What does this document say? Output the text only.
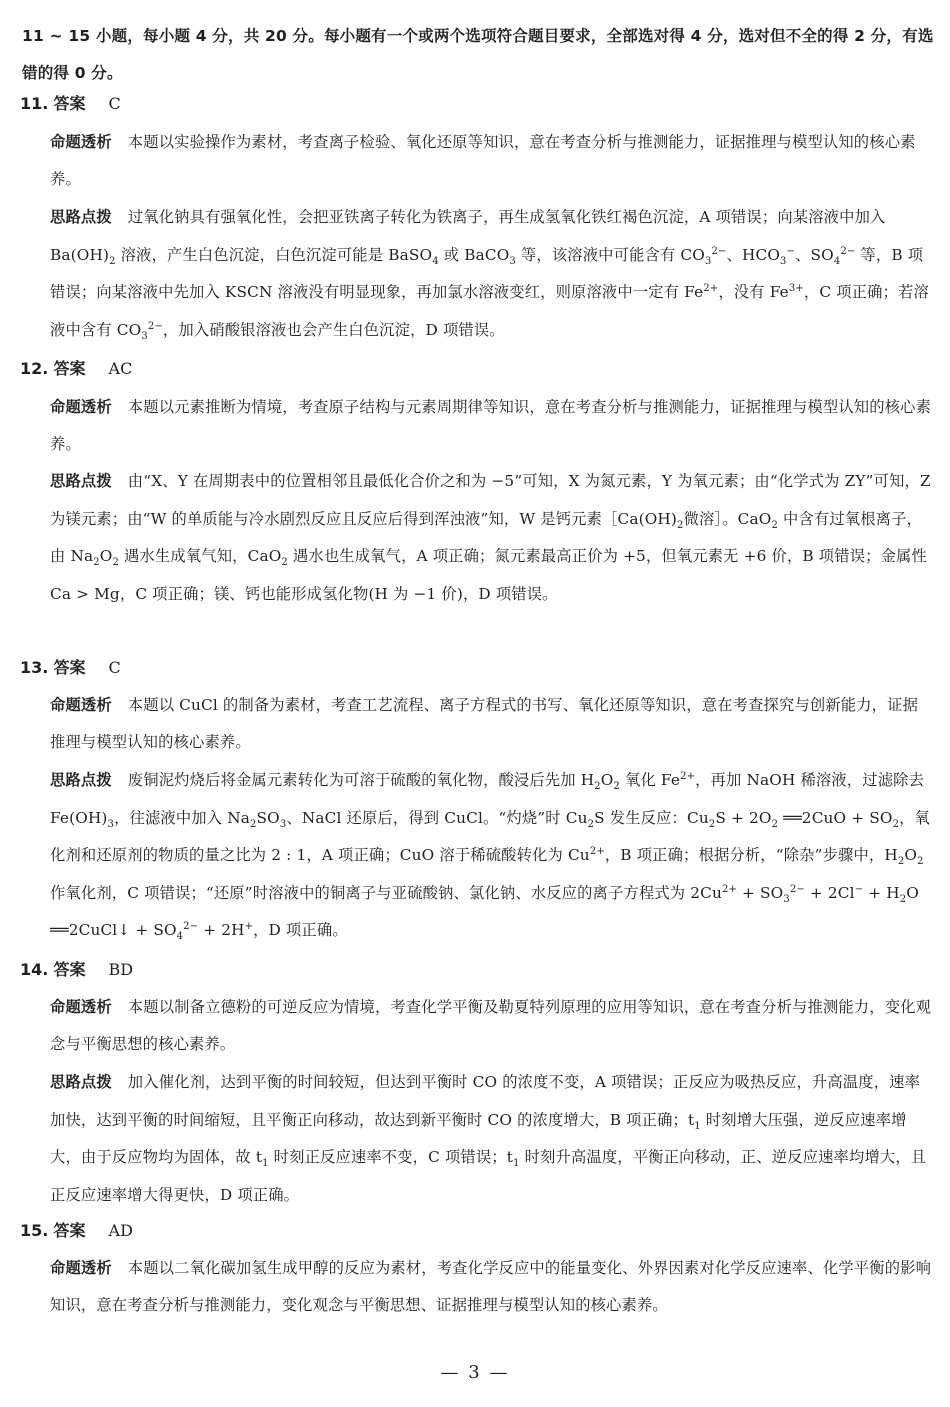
11 ~ 15 小题，每小题 4 分，共 20 分。每小题有一个或两个选项符合题目要求，全部选对得 4 分，选对但不全的得 2 分，有选错的得 0 分。
11. 答案 C
命题透析 本题以实验操作为素材，考查离子检验、氧化还原等知识，意在考查分析与推测能力，证据推理与模型认知的核心素养。
思路点拨 过氧化钠具有强氧化性，会把亚铁离子转化为铁离子，再生成氢氧化铁红褐色沉淀，A 项错误；向某溶液中加入 $Ba(OH)_2$ 溶液，产生白色沉淀，白色沉淀可能是 BaSO$_4$ 或 BaCO$_3$ 等，该溶液中可能含有 $CO_3^{2-}$、$HCO_3^-$、$SO_4^{2-}$ 等，B 项错误；向某溶液中先加入 KSCN 溶液没有明显现象，再加氯水溶液变红，则原溶液中一定有 $Fe^{2+}$，没有 $Fe^{3+}$，C 项正确；若溶液中含有 $CO_3^{2-}$，加入硝酸银溶液也会产生白色沉淀，D 项错误。
12. 答案 AC
命题透析 本题以元素推断为情境，考查原子结构与元素周期律等知识，意在考查分析与推测能力，证据推理与模型认知的核心素养。
思路点拨 由“X、Y 在周期表中的位置相邻且最低化合价之和为 −5”可知，X 为氮元素，Y 为氧元素；由“化学式为 ZY”可知，Z 为镁元素；由“W 的单质能与冷水剧烈反应且反应后得到浑浊液”知，W 是钙元素$[Ca(OH)_2$微溶］。CaO$_2$ 中含有过氧根离子，由 $Na_2O_2$ 遇水生成氧气知，CaO$_2$ 遇水也生成氧气，A 项正确；氮元素最高正价为 +5，但氧元素无 +6 价，B 项错误；金属性 Ca > Mg，C 项正确；镁、钙也能形成氢化物(H 为 −1 价)，D 项错误。
13. 答案 C
命题透析 本题以 CuCl 的制备为素材，考查工艺流程、离子方程式的书写、氧化还原等知识，意在考查探究与创新能力，证据推理与模型认知的核心素养。
思路点拨 废铜泥灼烧后将金属元素转化为可溶于硫酸的氧化物，酸浸后先加 $H_2O_2$ 氧化 $Fe^{2+}$，再加 NaOH 稀溶液，过滤除去 $Fe(OH)_3$，往滤液中加入 $Na_2SO_3$、NaCl 还原后，得到 CuCl。“灼烧”时 $Cu_2S$ 发生反应：$Cu_2S + 2O_2$ ══2CuO + $SO_2$，氧化剂和还原剂的物质的量之比为 2 : 1，A 项正确；CuO 溶于稀硫酸转化为 $Cu^{2+}$，B 项正确；根据分析，“除杂”步骤中，$H_2O_2$ 作氧化剂，C 项错误；“还原”时溶液中的铜离子与亚硫酸钠、氯化钠、水反应的离子方程式为 $2Cu^{2+} + SO_3^{2-} + 2Cl^- + H_2O$ ══2CuCl↓ + $SO_4^{2-} + 2H^+$，D 项正确。
14. 答案 BD
命题透析 本题以制备立德粉的可逆反应为情境，考查化学平衡及勒夏特列原理的应用等知识，意在考查分析与推测能力，变化观念与平衡思想的核心素养。
思路点拨 加入催化剂，达到平衡的时间较短，但达到平衡时 CO 的浓度不变，A 项错误；正反应为吸热反应，升高温度，速率加快，达到平衡的时间缩短，且平衡正向移动，故达到新平衡时 CO 的浓度增大，B 项正确；$t_1$ 时刻增大压强，逆反应速率增大，由于反应物均为固体，故 $t_1$ 时刻正反应速率不变，C 项错误；$t_1$ 时刻升高温度，平衡正向移动，正、逆反应速率均增大，且正反应速率增大得更快，D 项正确。
15. 答案 AD
命题透析 本题以二氧化碳加氢生成甲醇的反应为素材，考查化学反应中的能量变化、外界因素对化学反应速率、化学平衡的影响知识，意在考查分析与推测能力，变化观念与平衡思想、证据推理与模型认知的核心素养。
— 3 —
